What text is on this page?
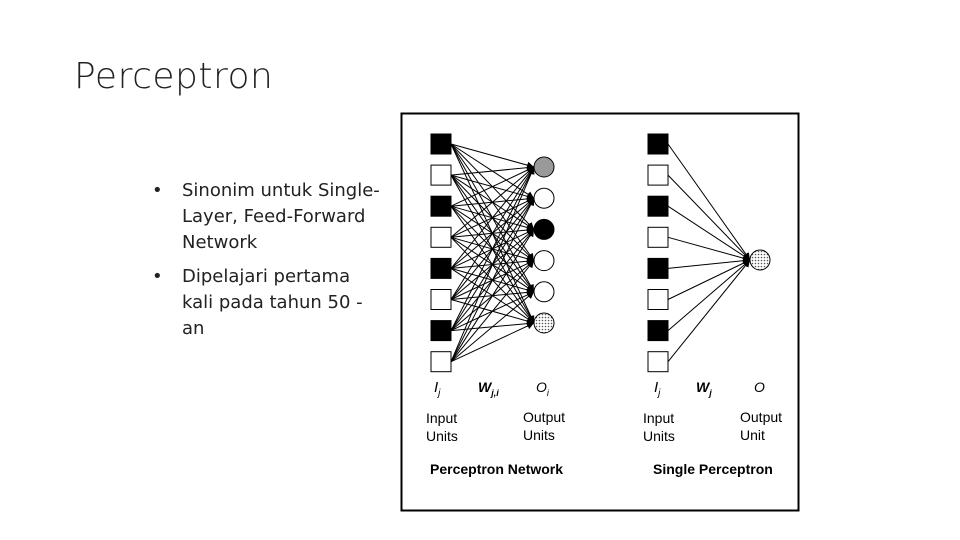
Perceptron
• Sinonim untuk Single-Layer, Feed-Forward Network
• Dipelajari pertama kali pada tahun 50 -an
$I_j$	$W_{j,i}$	$O_i$
Input
Units
Output
Units
Perceptron Network
$I_j$	$W_j$	O
Input
Units
Output
Unit
Single Perceptron
